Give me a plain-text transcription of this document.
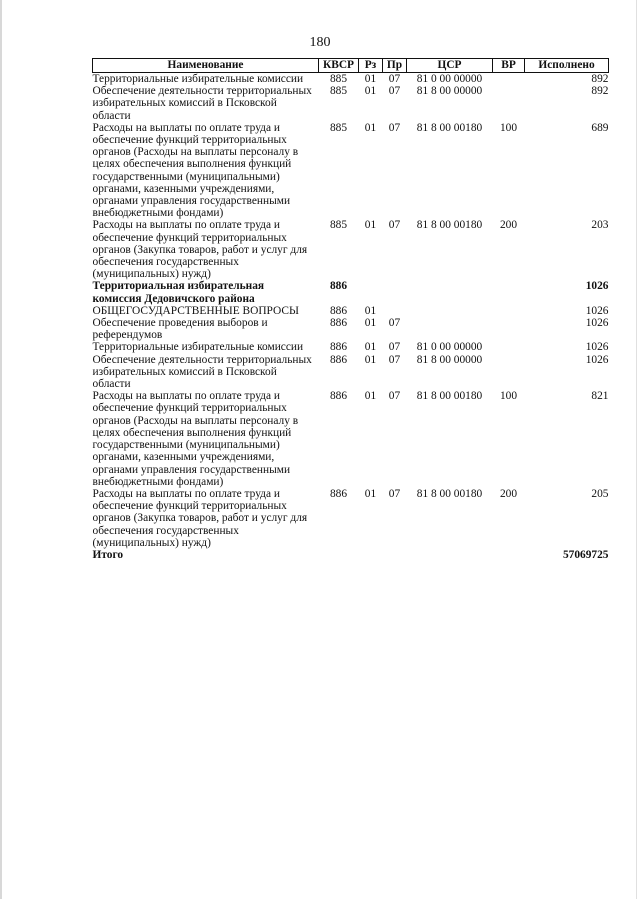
180
Наименование	КВСР	Рз	Пр	ЦСР	ВР	Исполнено
Территориальные избирательные комиссии	885	01	07	81 0 00 00000		892
Обеспечение деятельности территориальных избирательных комиссий в Псковской области	885	01	07	81 8 00 00000		892
Расходы на выплаты по оплате труда и обеспечение функций территориальных органов (Расходы на выплаты персоналу в целях обеспечения выполнения функций государственными (муниципальными) органами, казенными учреждениями, органами управления государственными внебюджетными фондами)	885	01	07	81 8 00 00180	100	689
Расходы на выплаты по оплате труда и обеспечение функций территориальных органов (Закупка товаров, работ и услуг для обеспечения государственных (муниципальных) нужд)	885	01	07	81 8 00 00180	200	203
Территориальная избирательная комиссия Дедовичского района	886					1026
ОБЩЕГОСУДАРСТВЕННЫЕ ВОПРОСЫ	886	01				1026
Обеспечение проведения выборов и референдумов	886	01	07			1026
Территориальные избирательные комиссии	886	01	07	81 0 00 00000		1026
Обеспечение деятельности территориальных избирательных комиссий в Псковской области	886	01	07	81 8 00 00000		1026
Расходы на выплаты по оплате труда и обеспечение функций территориальных органов (Расходы на выплаты персоналу в целях обеспечения выполнения функций государственными (муниципальными) органами, казенными учреждениями, органами управления государственными внебюджетными фондами)	886	01	07	81 8 00 00180	100	821
Расходы на выплаты по оплате труда и обеспечение функций территориальных органов (Закупка товаров, работ и услуг для обеспечения государственных (муниципальных) нужд)	886	01	07	81 8 00 00180	200	205
Итого						57069725
